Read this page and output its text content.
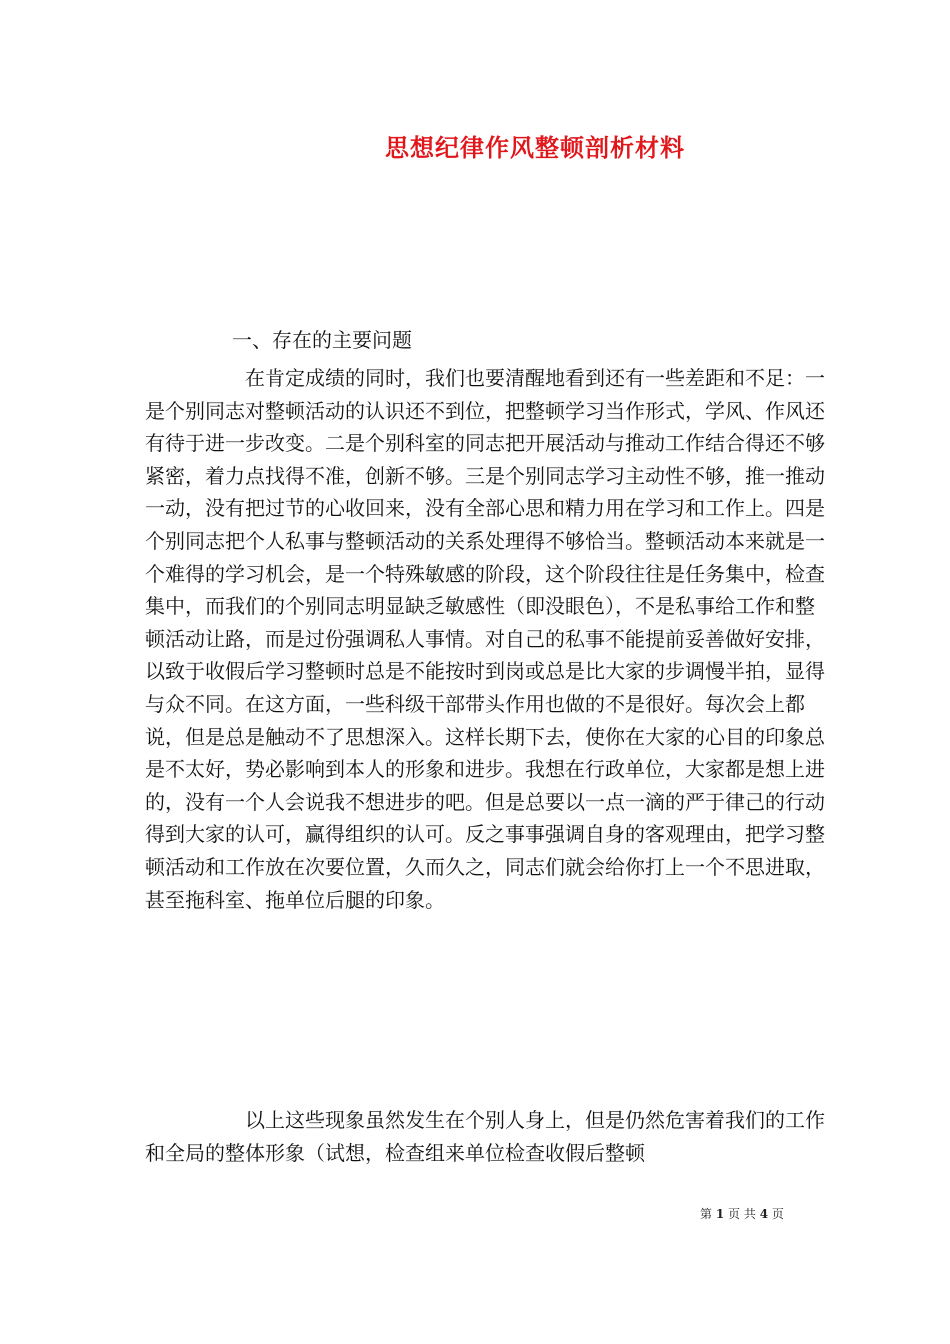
思想纪律作风整顿剖析材料
一、存在的主要问题
在肯定成绩的同时，我们也要清醒地看到还有一些差距和不足：一是个别同志对整顿活动的认识还不到位，把整顿学习当作形式，学风、作风还有待于进一步改变。二是个别科室的同志把开展活动与推动工作结合得还不够紧密，着力点找得不准，创新不够。三是个别同志学习主动性不够，推一推动一动，没有把过节的心收回来，没有全部心思和精力用在学习和工作上。四是个别同志把个人私事与整顿活动的关系处理得不够恰当。整顿活动本来就是一个难得的学习机会，是一个特殊敏感的阶段，这个阶段往往是任务集中，检查集中，而我们的个别同志明显缺乏敏感性（即没眼色），不是私事给工作和整顿活动让路，而是过份强调私人事情。对自己的私事不能提前妥善做好安排，以致于收假后学习整顿时总是不能按时到岗或总是比大家的步调慢半拍，显得与众不同。在这方面，一些科级干部带头作用也做的不是很好。每次会上都说，但是总是触动不了思想深入。这样长期下去，使你在大家的心目的印象总是不太好，势必影响到本人的形象和进步。我想在行政单位，大家都是想上进的，没有一个人会说我不想进步的吧。但是总要以一点一滴的严于律己的行动得到大家的认可，赢得组织的认可。反之事事强调自身的客观理由，把学习整顿活动和工作放在次要位置，久而久之，同志们就会给你打上一个不思进取，甚至拖科室、拖单位后腿的印象。
以上这些现象虽然发生在个别人身上，但是仍然危害着我们的工作和全局的整体形象（试想，检查组来单位检查收假后整顿
第 1 页 共 4 页
